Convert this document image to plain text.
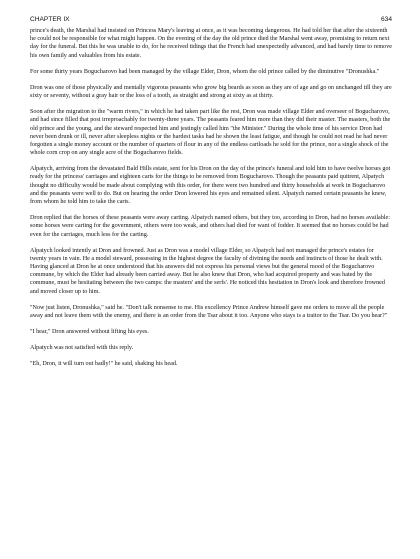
CHAPTER IX	634

prince's death, the Marshal had insisted on Princess Mary's leaving at once, as it was becoming dangerous. He had told her that after the sixteenth he could not be responsible for what might happen. On the evening of the day the old prince died the Marshal went away, promising to return next day for the funeral. But this he was unable to do, for he received tidings that the French had unexpectedly advanced, and had barely time to remove his own family and valuables from his estate.

For some thirty years Bogucharovo had been managed by the village Elder, Dron, whom the old prince called by the diminutive "Dronushka."

Dron was one of those physically and mentally vigorous peasants who grow big beards as soon as they are of age and go on unchanged till they are sixty or seventy, without a gray hair or the loss of a tooth, as straight and strong at sixty as at thirty.

Soon after the migration to the "warm rivers," in which he had taken part like the rest, Dron was made village Elder and overseer of Bogucharovo, and had since filled that post irreproachably for twenty-three years. The peasants feared him more than they did their master. The masters, both the old prince and the young, and the steward respected him and jestingly called him "the Minister." During the whole time of his service Dron had never been drunk or ill, never after sleepless nights or the hardest tasks had he shown the least fatigue, and though he could not read he had never forgotten a single money account or the number of quarters of flour in any of the endless cartloads he sold for the prince, nor a single shock of the whole corn crop on any single acre of the Bogucharovo fields.

Alpatych, arriving from the devastated Bald Hills estate, sent for his Dron on the day of the prince's funeral and told him to have twelve horses got ready for the princess' carriages and eighteen carts for the things to be removed from Bogucharovo. Though the peasants paid quitrent, Alpatych thought no difficulty would be made about complying with this order, for there were two hundred and thirty households at work in Bogucharovo and the peasants were well to do. But on hearing the order Dron lowered his eyes and remained silent. Alpatych named certain peasants he knew, from whom he told him to take the carts.

Dron replied that the horses of these peasants were away carting. Alpatych named others, but they too, according to Dron, had no horses available: some horses were carting for the government, others were too weak, and others had died for want of fodder. It seemed that no horses could be had even for the carriages, much less for the carting.

Alpatych looked intently at Dron and frowned. Just as Dron was a model village Elder, so Alpatych had not managed the prince's estates for twenty years in vain. He a model steward, possessing in the highest degree the faculty of divining the needs and instincts of those he dealt with. Having glanced at Dron he at once understood that his answers did not express his personal views but the general mood of the Bogucharovo commune, by which the Elder had already been carried away. But he also knew that Dron, who had acquired property and was hated by the commune, must be hesitating between the two camps: the masters' and the serfs'. He noticed this hesitation in Dron's look and therefore frowned and moved closer up to him.

"Now just listen, Dronushka," said he. "Don't talk nonsense to me. His excellency Prince Andrew himself gave me orders to move all the people away and not leave them with the enemy, and there is an order from the Tsar about it too. Anyone who stays is a traitor to the Tsar. Do you hear?"

"I hear," Dron answered without lifting his eyes.

Alpatych was not satisfied with this reply.

"Eh, Dron, it will turn out badly!" he said, shaking his head.
